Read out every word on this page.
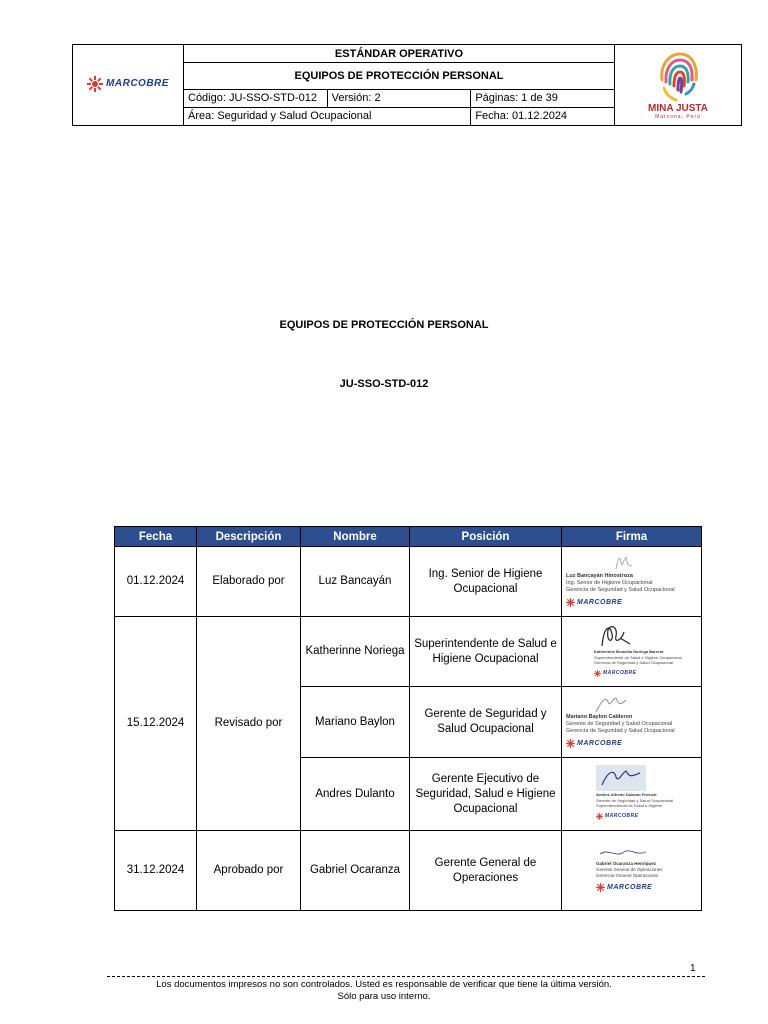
MARCOBRE	ESTÁNDAR OPERATIVO			MINA JUSTA
Marcona, Perú

	EQUIPOS DE PROTECCIÓN PERSONAL			
	Código: JU-SSO-STD-012	Versión: 2	Páginas: 1 de 39	
	Área: Seguridad y Salud Ocupacional		Fecha: 01.12.2024	
EQUIPOS DE PROTECCIÓN PERSONAL
JU-SSO-STD-012
Fecha	Descripción	Nombre	Posición	Firma
01.12.2024	Elaborado por	Luz Bancayán	Ing. Senior de Higiene Ocupacional	Luz Bancayán Hinostroza
Ing. Senior de Higiene Ocupacional
Gerencia de Seguridad y Salud Ocupacional
MARCOBRE

15.12.2024	Revisado por	Katherinne Noriega	Superintendente de Salud e Higiene Ocupacional	Katherinne Brunella Noriega Barrera
Superintendente de Salud e Higiene Ocupacional
Gerencia de Seguridad y Salud Ocupacional
MARCOBRE

		Mariano Baylon	Gerente de Seguridad y Salud Ocupacional	Mariano Baylon Calderon
Gerente de Seguridad y Salud Ocupacional
Gerencia de Seguridad y Salud Ocupacional
MARCOBRE

		Andres Dulanto	Gerente Ejecutivo de Seguridad, Salud e Higiene Ocupacional	Andres Alfredo Dulanto Prevost
Gerente de Seguridad y Salud Ocupacional
Superintendencia de Salud e Higiene
MARCOBRE

31.12.2024	Aprobado por	Gabriel Ocaranza	Gerente General de Operaciones	Gabriel Ocaranza Henriquez
Gerente General de Operaciones
Gerencia General Operaciones
MARCOBRE
1
Los documentos impresos no son controlados. Usted es responsable de verificar que tiene la última versión.
Sólo para uso interno.
